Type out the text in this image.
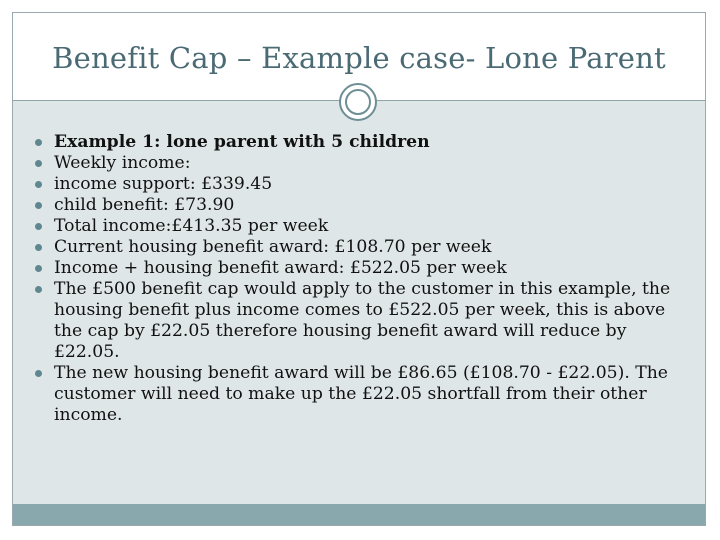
Benefit Cap – Example case- Lone Parent
Example 1: lone parent with 5 children
Weekly income:
income support: £339.45
child benefit: £73.90
Total income:£413.35 per week
Current housing benefit award: £108.70 per week
Income + housing benefit award: £522.05 per week
The £500 benefit cap would apply to the customer in this example, the housing benefit plus income comes to £522.05 per week, this is above the cap by £22.05 therefore housing benefit award will reduce by £22.05.
The new housing benefit award will be £86.65 (£108.70 - £22.05). The customer will need to make up the £22.05 shortfall from their other income.
